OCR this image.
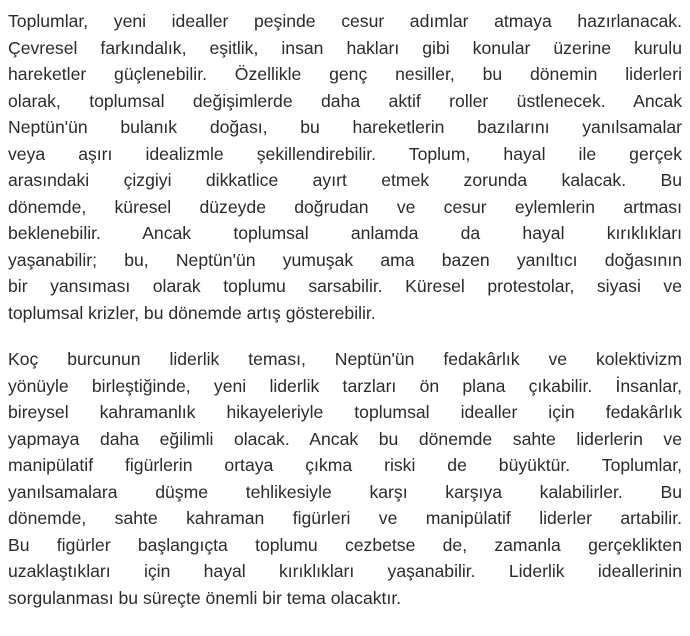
Toplumlar, yeni idealler peşinde cesur adımlar atmaya hazırlanacak.
Çevresel farkındalık, eşitlik, insan hakları gibi konular üzerine kurulu
hareketler güçlenebilir. Özellikle genç nesiller, bu dönemin liderleri
olarak, toplumsal değişimlerde daha aktif roller üstlenecek. Ancak
Neptün'ün bulanık doğası, bu hareketlerin bazılarını yanılsamalar
veya aşırı idealizmle şekillendirebilir. Toplum, hayal ile gerçek
arasındaki çizgiyi dikkatlice ayırt etmek zorunda kalacak. Bu
dönemde, küresel düzeyde doğrudan ve cesur eylemlerin artması
beklenebilir. Ancak toplumsal anlamda da hayal kırıklıkları
yaşanabilir; bu, Neptün'ün yumuşak ama bazen yanıltıcı doğasının
bir yansıması olarak toplumu sarsabilir. Küresel protestolar, siyasi ve
toplumsal krizler, bu dönemde artış gösterebilir.

Koç burcunun liderlik teması, Neptün'ün fedakârlık ve kolektivizm
yönüyle birleştiğinde, yeni liderlik tarzları ön plana çıkabilir. İnsanlar,
bireysel kahramanlık hikayeleriyle toplumsal idealler için fedakârlık
yapmaya daha eğilimli olacak. Ancak bu dönemde sahte liderlerin ve
manipülatif figürlerin ortaya çıkma riski de büyüktür. Toplumlar,
yanılsamalara düşme tehlikesiyle karşı karşıya kalabilirler. Bu
dönemde, sahte kahraman figürleri ve manipülatif liderler artabilir.
Bu figürler başlangıçta toplumu cezbetse de, zamanla gerçeklikten
uzaklaştıkları için hayal kırıklıkları yaşanabilir. Liderlik ideallerinin
sorgulanması bu süreçte önemli bir tema olacaktır.
